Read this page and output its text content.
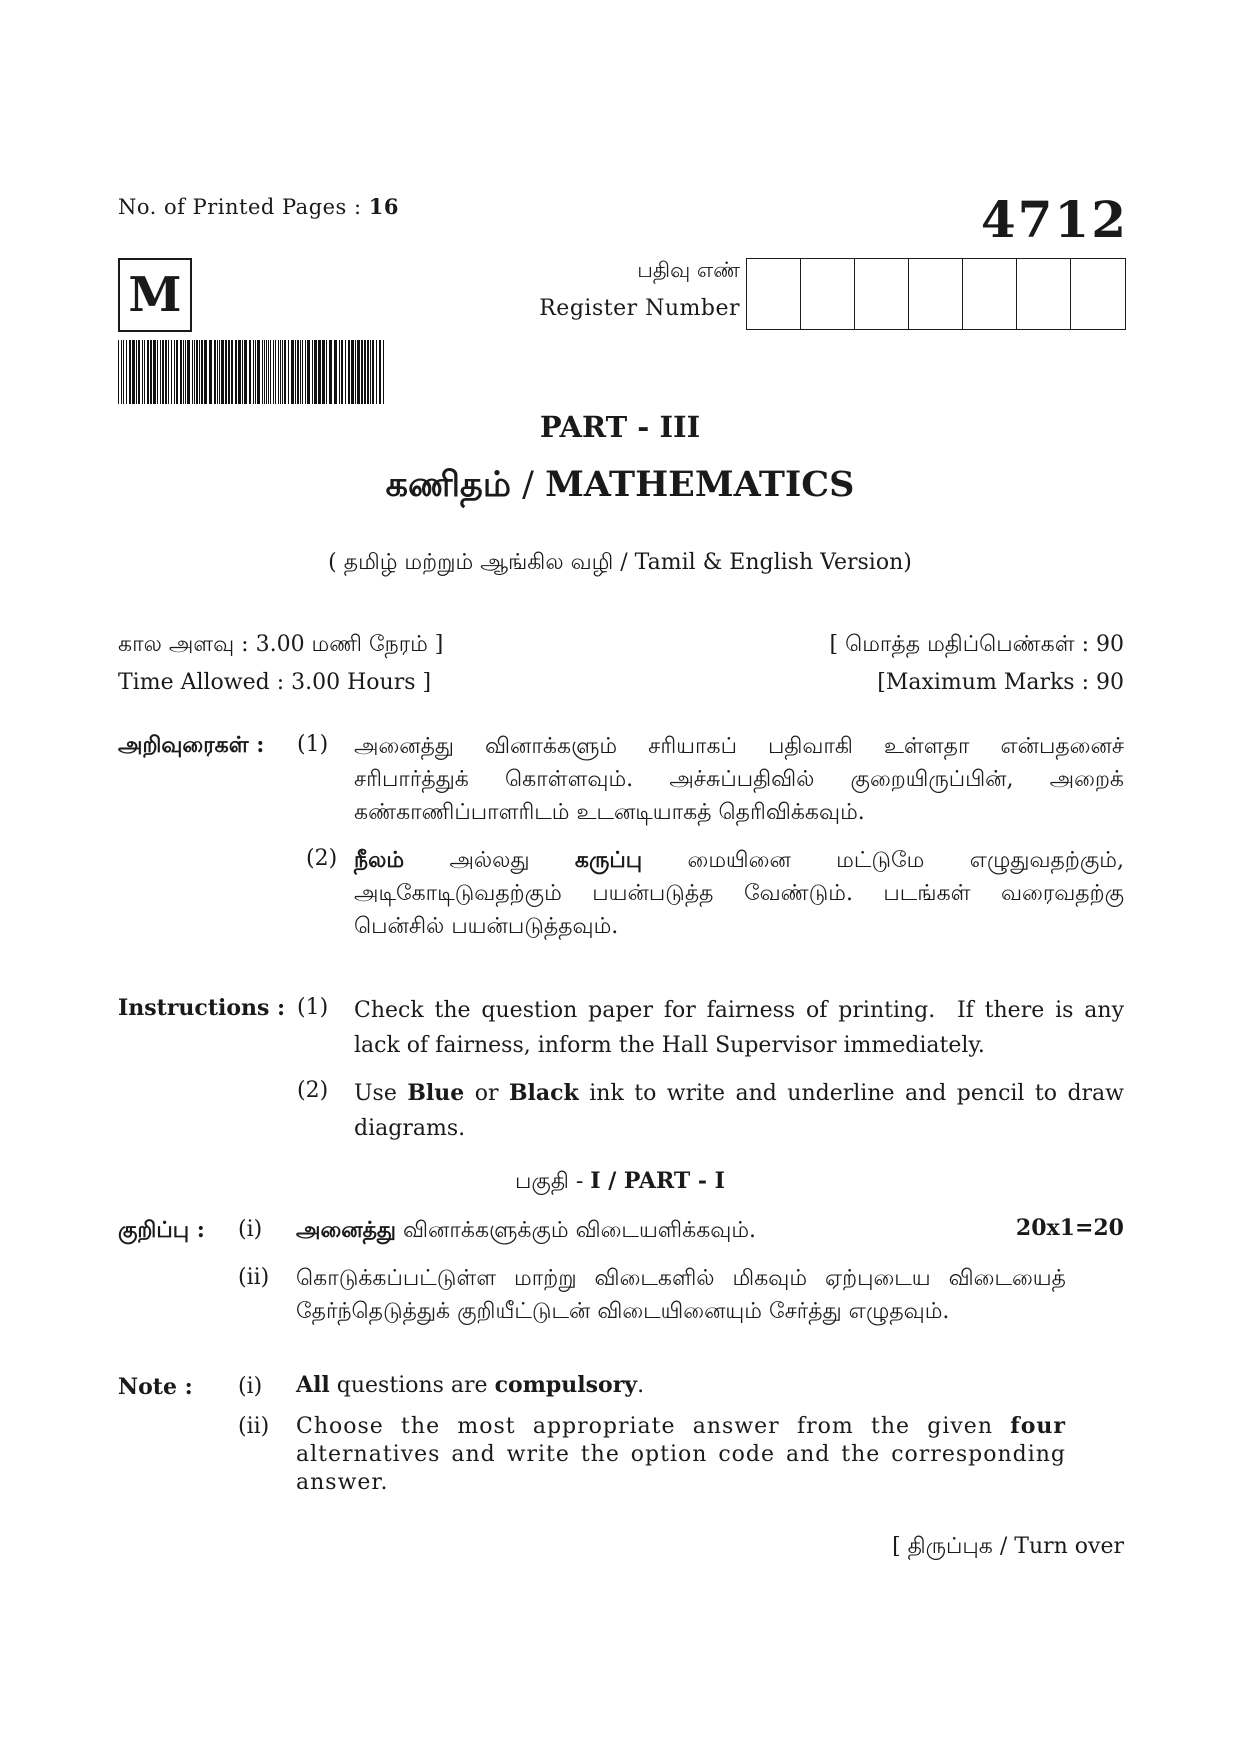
No. of Printed Pages : 16	4712
M	பதிவு எண்
Register Number
PART - III
கணிதம் / MATHEMATICS
( தமிழ் மற்றும் ஆங்கில வழி / Tamil & English Version)
கால அளவு : 3.00 மணி நேரம் ]
Time Allowed : 3.00 Hours ]
[ மொத்த மதிப்பெண்கள் : 90
[Maximum Marks : 90
அறிவுரைகள் : (1) அனைத்து வினாக்களும் சரியாகப் பதிவாகி உள்ளதா என்பதனைச் சரிபார்த்துக் கொள்ளவும். அச்சுப்பதிவில் குறையிருப்பின், அறைக் கண்காணிப்பாளரிடம் உடனடியாகத் தெரிவிக்கவும்.
(2) நீலம் அல்லது கருப்பு மையினை மட்டுமே எழுதுவதற்கும், அடிகோடிடுவதற்கும் பயன்படுத்த வேண்டும். படங்கள் வரைவதற்கு பென்சில் பயன்படுத்தவும்.
Instructions : (1) Check the question paper for fairness of printing.  If there is any lack of fairness, inform the Hall Supervisor immediately.
(2) Use Blue or Black ink to write and underline and pencil to draw diagrams.
பகுதி - I / PART - I
குறிப்பு : (i) அனைத்து வினாக்களுக்கும் விடையளிக்கவும்.	20x1=20
(ii) கொடுக்கப்பட்டுள்ள மாற்று விடைகளில் மிகவும் ஏற்புடைய விடையைத் தேர்ந்தெடுத்துக் குறியீட்டுடன் விடையினையும் சேர்த்து எழுதவும்.
Note : (i) All questions are compulsory.
(ii) Choose the most appropriate answer from the given four alternatives and write the option code and the corresponding answer.
[ திருப்புக / Turn over
